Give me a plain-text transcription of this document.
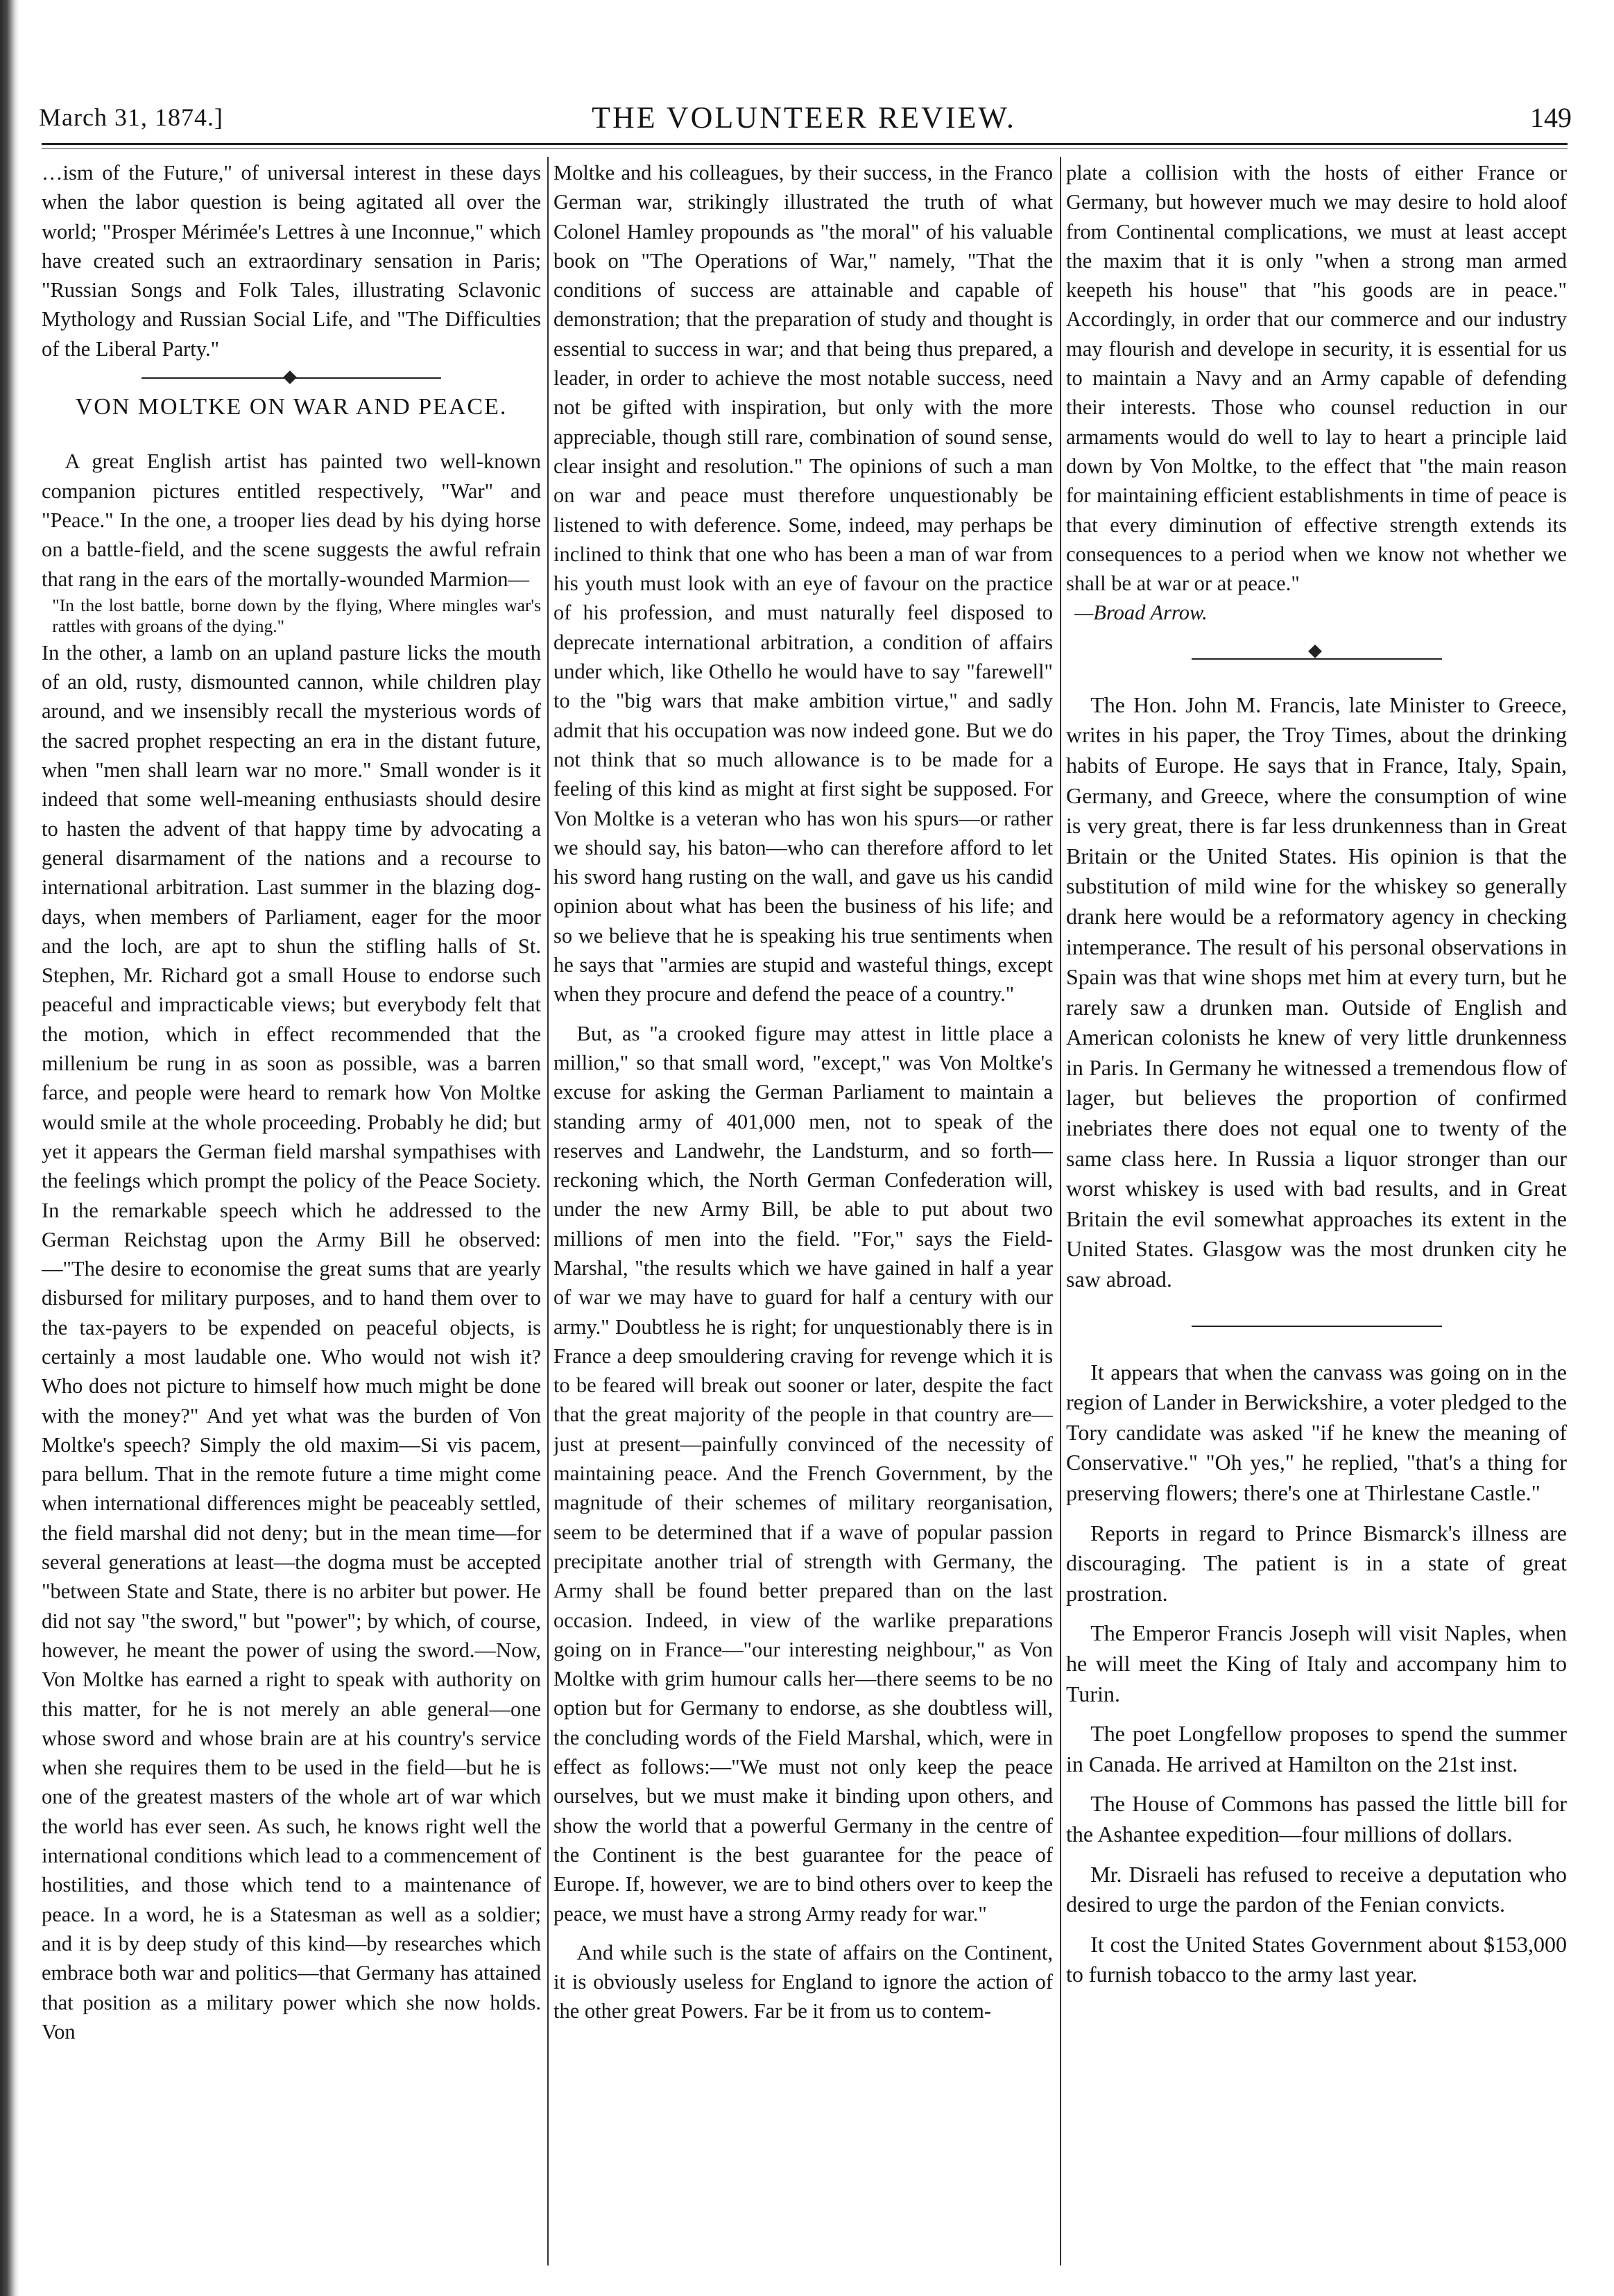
March 31, 1874.]	THE VOLUNTEER REVIEW.	149

…ism of the Future," of universal interest in these days when the labor question is being agitated all over the world; "Prosper Mérimée's Lettres à une Inconnue," which have created such an extraordinary sensation in Paris; "Russian Songs and Folk Tales, illustrating Sclavonic Mythology and Russian Social Life, and "The Difficulties of the Liberal Party."

VON MOLTKE ON WAR AND PEACE.

A great English artist has painted two well-known companion pictures entitled respectively, "War" and "Peace." In the one, a trooper lies dead by his dying horse on a battle-field, and the scene suggests the awful refrain that rang in the ears of the mortally-wounded Marmion—

"In the lost battle, borne down by the flying, Where mingles war's rattles with groans of the dying."

In the other, a lamb on an upland pasture licks the mouth of an old, rusty, dismounted cannon, while children play around, and we insensibly recall the mysterious words of the sacred prophet respecting an era in the distant future, when "men shall learn war no more." Small wonder is it indeed that some well-meaning enthusiasts should desire to hasten the advent of that happy time by advocating a general disarmament of the nations and a recourse to international arbitration. Last summer in the blazing dog-days, when members of Parliament, eager for the moor and the loch, are apt to shun the stifling halls of St. Stephen, Mr. Richard got a small House to endorse such peaceful and impracticable views; but everybody felt that the motion, which in effect recommended that the millenium be rung in as soon as possible, was a barren farce, and people were heard to remark how Von Moltke would smile at the whole proceeding. Probably he did; but yet it appears the German field marshal sympathises with the feelings which prompt the policy of the Peace Society. In the remarkable speech which he addressed to the German Reichstag upon the Army Bill he observed:—"The desire to economise the great sums that are yearly disbursed for military purposes, and to hand them over to the tax-payers to be expended on peaceful objects, is certainly a most laudable one. Who would not wish it? Who does not picture to himself how much might be done with the money?" And yet what was the burden of Von Moltke's speech? Simply the old maxim—Si vis pacem, para bellum. That in the remote future a time might come when international differences might be peaceably settled, the field marshal did not deny; but in the mean time—for several generations at least—the dogma must be accepted "between State and State, there is no arbiter but power. He did not say "the sword," but "power"; by which, of course, however, he meant the power of using the sword.—Now, Von Moltke has earned a right to speak with authority on this matter, for he is not merely an able general—one whose sword and whose brain are at his country's service when she requires them to be used in the field—but he is one of the greatest masters of the whole art of war which the world has ever seen. As such, he knows right well the international conditions which lead to a commencement of hostilities, and those which tend to a maintenance of peace. In a word, he is a Statesman as well as a soldier; and it is by deep study of this kind—by researches which embrace both war and politics—that Germany has attained that position as a military power which she now holds. Von

Moltke and his colleagues, by their success, in the Franco German war, strikingly illustrated the truth of what Colonel Hamley propounds as "the moral" of his valuable book on "The Operations of War," namely, "That the conditions of success are attainable and capable of demonstration; that the preparation of study and thought is essential to success in war; and that being thus prepared, a leader, in order to achieve the most notable success, need not be gifted with inspiration, but only with the more appreciable, though still rare, combination of sound sense, clear insight and resolution." The opinions of such a man on war and peace must therefore unquestionably be listened to with deference. Some, indeed, may perhaps be inclined to think that one who has been a man of war from his youth must look with an eye of favour on the practice of his profession, and must naturally feel disposed to deprecate international arbitration, a condition of affairs under which, like Othello he would have to say "farewell" to the "big wars that make ambition virtue," and sadly admit that his occupation was now indeed gone. But we do not think that so much allowance is to be made for a feeling of this kind as might at first sight be supposed. For Von Moltke is a veteran who has won his spurs—or rather we should say, his baton—who can therefore afford to let his sword hang rusting on the wall, and gave us his candid opinion about what has been the business of his life; and so we believe that he is speaking his true sentiments when he says that "armies are stupid and wasteful things, except when they procure and defend the peace of a country."

But, as "a crooked figure may attest in little place a million," so that small word, "except," was Von Moltke's excuse for asking the German Parliament to maintain a standing army of 401,000 men, not to speak of the reserves and Landwehr, the Landsturm, and so forth—reckoning which, the North German Confederation will, under the new Army Bill, be able to put about two millions of men into the field. "For," says the Field-Marshal, "the results which we have gained in half a year of war we may have to guard for half a century with our army." Doubtless he is right; for unquestionably there is in France a deep smouldering craving for revenge which it is to be feared will break out sooner or later, despite the fact that the great majority of the people in that country are—just at present—painfully convinced of the necessity of maintaining peace. And the French Government, by the magnitude of their schemes of military reorganisation, seem to be determined that if a wave of popular passion precipitate another trial of strength with Germany, the Army shall be found better prepared than on the last occasion. Indeed, in view of the warlike preparations going on in France—"our interesting neighbour," as Von Moltke with grim humour calls her—there seems to be no option but for Germany to endorse, as she doubtless will, the concluding words of the Field Marshal, which, were in effect as follows:—"We must not only keep the peace ourselves, but we must make it binding upon others, and show the world that a powerful Germany in the centre of the Continent is the best guarantee for the peace of Europe. If, however, we are to bind others over to keep the peace, we must have a strong Army ready for war."

And while such is the state of affairs on the Continent, it is obviously useless for England to ignore the action of the other great Powers. Far be it from us to contem-

plate a collision with the hosts of either France or Germany, but however much we may desire to hold aloof from Continental complications, we must at least accept the maxim that it is only "when a strong man armed keepeth his house" that "his goods are in peace." Accordingly, in order that our commerce and our industry may flourish and develope in security, it is essential for us to maintain a Navy and an Army capable of defending their interests. Those who counsel reduction in our armaments would do well to lay to heart a principle laid down by Von Moltke, to the effect that "the main reason for maintaining efficient establishments in time of peace is that every diminution of effective strength extends its consequences to a period when we know not whether we shall be at war or at peace."

—Broad Arrow.

The Hon. John M. Francis, late Minister to Greece, writes in his paper, the Troy Times, about the drinking habits of Europe. He says that in France, Italy, Spain, Germany, and Greece, where the consumption of wine is very great, there is far less drunkenness than in Great Britain or the United States. His opinion is that the substitution of mild wine for the whiskey so generally drank here would be a reformatory agency in checking intemperance. The result of his personal observations in Spain was that wine shops met him at every turn, but he rarely saw a drunken man. Outside of English and American colonists he knew of very little drunkenness in Paris. In Germany he witnessed a tremendous flow of lager, but believes the proportion of confirmed inebriates there does not equal one to twenty of the same class here. In Russia a liquor stronger than our worst whiskey is used with bad results, and in Great Britain the evil somewhat approaches its extent in the United States. Glasgow was the most drunken city he saw abroad.

It appears that when the canvass was going on in the region of Lander in Berwickshire, a voter pledged to the Tory candidate was asked "if he knew the meaning of Conservative." "Oh yes," he replied, "that's a thing for preserving flowers; there's one at Thirlestane Castle."

Reports in regard to Prince Bismarck's illness are discouraging. The patient is in a state of great prostration.

The Emperor Francis Joseph will visit Naples, when he will meet the King of Italy and accompany him to Turin.

The poet Longfellow proposes to spend the summer in Canada. He arrived at Hamilton on the 21st inst.

The House of Commons has passed the little bill for the Ashantee expedition—four millions of dollars.

Mr. Disraeli has refused to receive a deputation who desired to urge the pardon of the Fenian convicts.

It cost the United States Government about $153,000 to furnish tobacco to the army last year.
